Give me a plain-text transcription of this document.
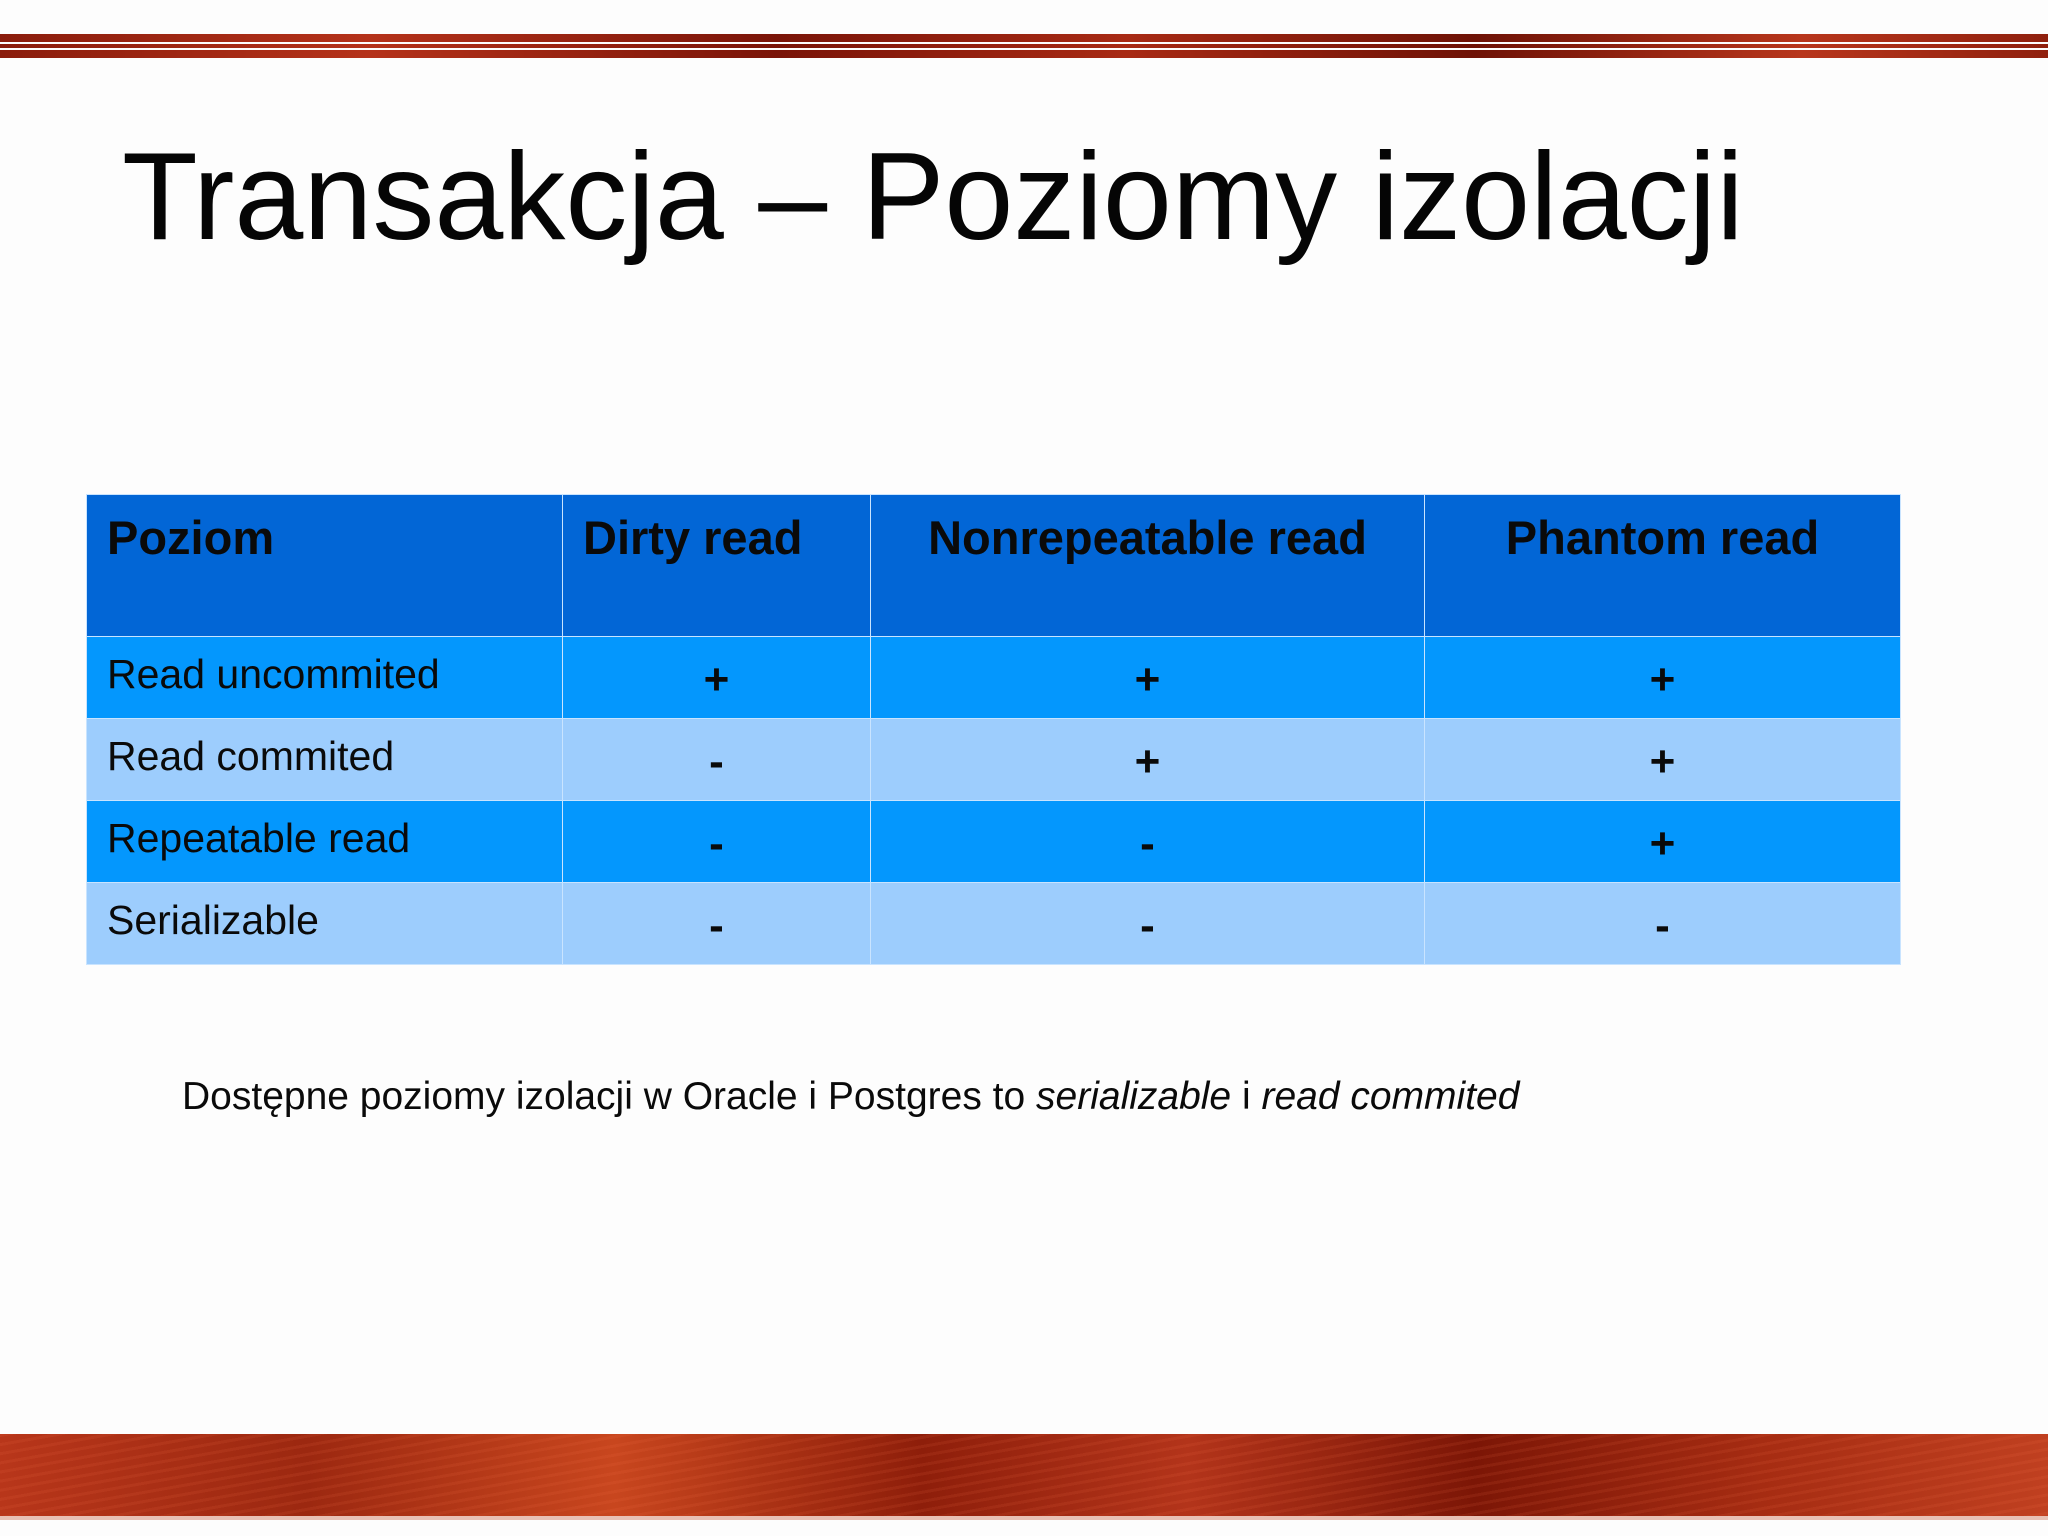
Transakcja – Poziomy izolacji
Poziom	Dirty read	Nonrepeatable read	Phantom read
Read uncommited	+	+	+
Read commited	-	+	+
Repeatable read	-	-	+
Serializable	-	-	-

Dostępne poziomy izolacji w Oracle i Postgres to serializable i read commited
